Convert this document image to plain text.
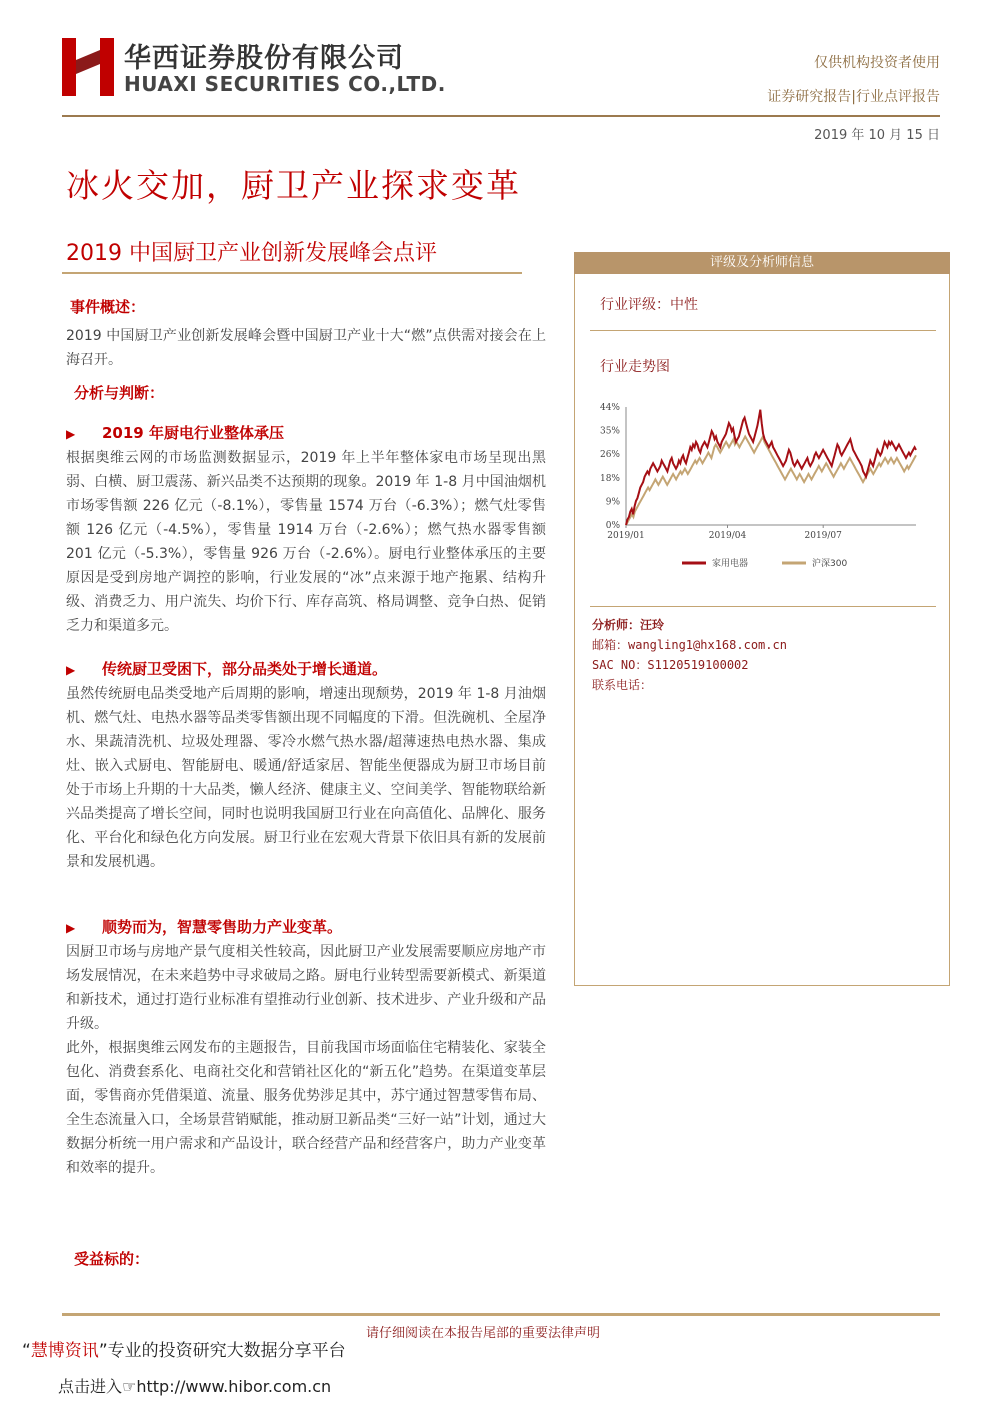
华西证券股份有限公司
HUAXI SECURITIES CO.,LTD.
仅供机构投资者使用
证券研究报告|行业点评报告
2019 年 10 月 15 日
冰火交加，厨卫产业探求变革
2019 中国厨卫产业创新发展峰会点评
事件概述：
2019 中国厨卫产业创新发展峰会暨中国厨卫产业十大“燃”点供需对接会在上海召开。
分析与判断：
▶ 2019 年厨电行业整体承压
根据奥维云网的市场监测数据显示，2019 年上半年整体家电市场呈现出黑弱、白横、厨卫震荡、新兴品类不达预期的现象。2019 年 1-8 月中国油烟机市场零售额 226 亿元（-8.1%），零售量 1574 万台（-6.3%）；燃气灶零售额 126 亿元（-4.5%），零售量 1914 万台（-2.6%）；燃气热水器零售额 201 亿元（-5.3%），零售量 926 万台（-2.6%）。厨电行业整体承压的主要原因是受到房地产调控的影响，行业发展的“冰”点来源于地产拖累、结构升级、消费乏力、用户流失、均价下行、库存高筑、格局调整、竞争白热、促销乏力和渠道多元。
▶ 传统厨卫受困下，部分品类处于增长通道。
虽然传统厨电品类受地产后周期的影响，增速出现颓势，2019 年 1-8 月油烟机、燃气灶、电热水器等品类零售额出现不同幅度的下滑。但洗碗机、全屋净水、果蔬清洗机、垃圾处理器、零冷水燃气热水器/超薄速热电热水器、集成灶、嵌入式厨电、智能厨电、暖通/舒适家居、智能坐便器成为厨卫市场目前处于市场上升期的十大品类，懒人经济、健康主义、空间美学、智能物联给新兴品类提高了增长空间，同时也说明我国厨卫行业在向高值化、品牌化、服务化、平台化和绿色化方向发展。厨卫行业在宏观大背景下依旧具有新的发展前景和发展机遇。
▶ 顺势而为，智慧零售助力产业变革。
因厨卫市场与房地产景气度相关性较高，因此厨卫产业发展需要顺应房地产市场发展情况，在未来趋势中寻求破局之路。厨电行业转型需要新模式、新渠道和新技术，通过打造行业标准有望推动行业创新、技术进步、产业升级和产品升级。
此外，根据奥维云网发布的主题报告，目前我国市场面临住宅精装化、家装全包化、消费套系化、电商社交化和营销社区化的“新五化”趋势。在渠道变革层面，零售商亦凭借渠道、流量、服务优势涉足其中，苏宁通过智慧零售布局、全生态流量入口，全场景营销赋能，推动厨卫新品类“三好一站”计划，通过大数据分析统一用户需求和产品设计，联合经营产品和经营客户，助力产业变革和效率的提升。
受益标的：
评级及分析师信息
行业评级：中性
行业走势图
44%
35%
26%
18%
9%
0%
2019/01	2019/04	2019/07
家用电器	沪深300
分析师：汪玲
邮箱：wangling1@hx168.com.cn
SAC NO：S1120519100002
联系电话：
请仔细阅读在本报告尾部的重要法律声明
“慧博资讯”专业的投资研究大数据分享平台
点击进入☞http://www.hibor.com.cn
